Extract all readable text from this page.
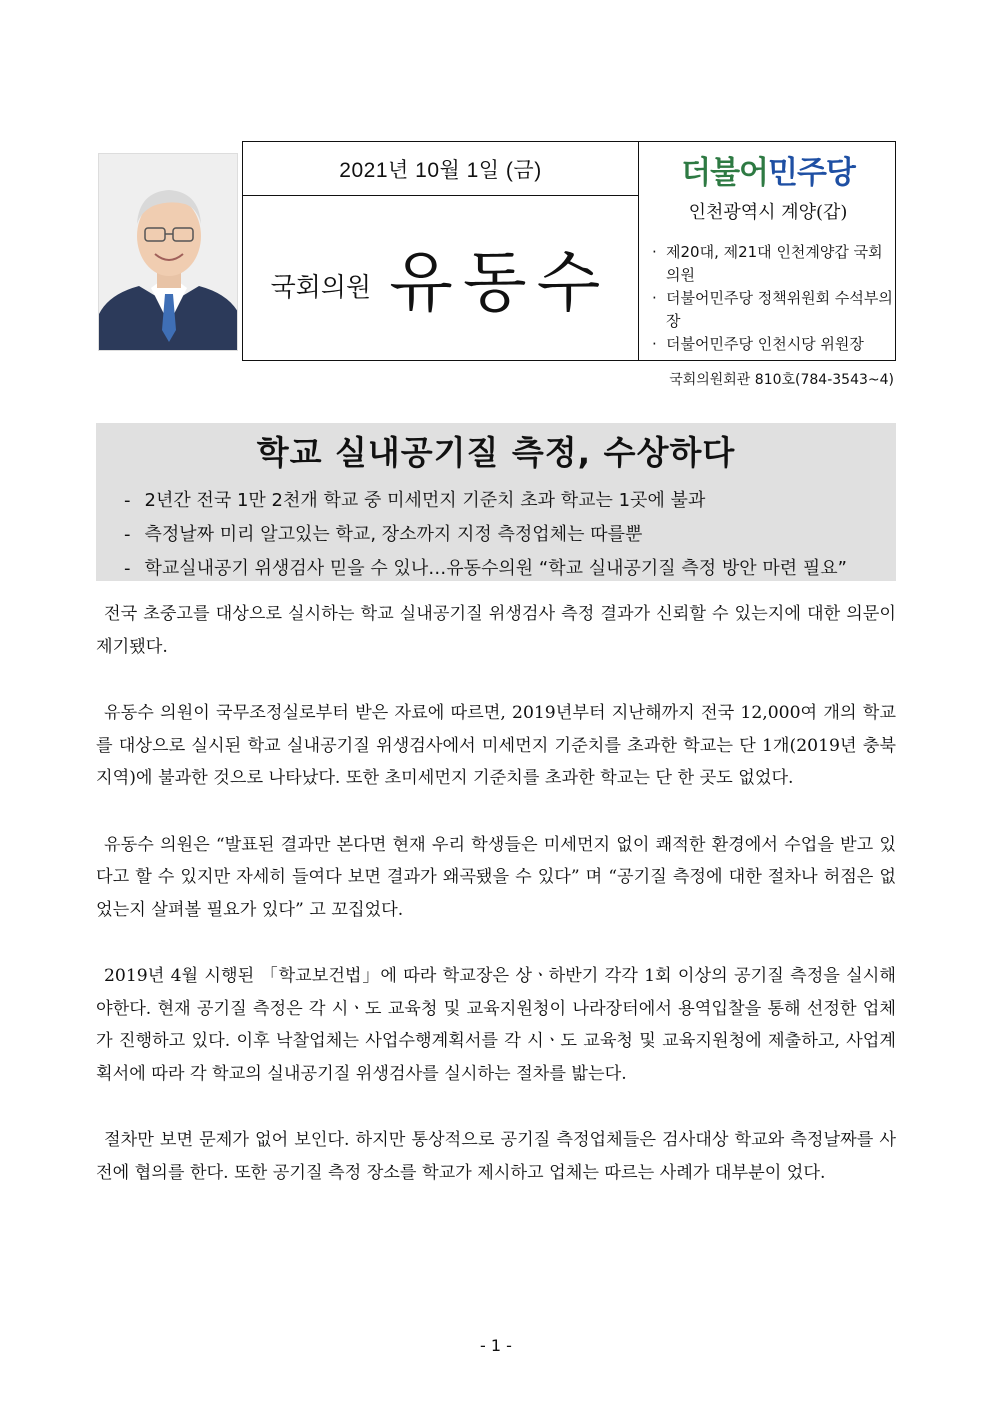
2021년 10월 1일 (금)
국회의원 유동수
더불어민주당
인천광역시 계양(갑)
· 제20대, 제21대 인천계양갑 국회의원
· 더불어민주당 정책위원회 수석부의장
· 더불어민주당 인천시당 위원장
국회의원회관 810호(784-3543~4)
학교 실내공기질 측정, 수상하다
- 2년간 전국 1만 2천개 학교 중 미세먼지 기준치 초과 학교는 1곳에 불과
- 측정날짜 미리 알고있는 학교, 장소까지 지정 측정업체는 따를뿐
- 학교실내공기 위생검사 믿을 수 있나…유동수의원 “학교 실내공기질 측정 방안 마련 필요”

전국 초중고를 대상으로 실시하는 학교 실내공기질 위생검사 측정 결과가 신뢰할 수 있는지에 대한 의문이 제기됐다.

유동수 의원이 국무조정실로부터 받은 자료에 따르면, 2019년부터 지난해까지 전국 12,000여 개의 학교를 대상으로 실시된 학교 실내공기질 위생검사에서 미세먼지 기준치를 초과한 학교는 단 1개(2019년 충북지역)에 불과한 것으로 나타났다. 또한 초미세먼지 기준치를 초과한 학교는 단 한 곳도 없었다.

유동수 의원은 “발표된 결과만 본다면 현재 우리 학생들은 미세먼지 없이 쾌적한 환경에서 수업을 받고 있다고 할 수 있지만 자세히 들여다 보면 결과가 왜곡됐을 수 있다” 며 “공기질 측정에 대한 절차나 허점은 없었는지 살펴볼 필요가 있다” 고 꼬집었다.

2019년 4월 시행된 「학교보건법」에 따라 학교장은 상ㆍ하반기 각각 1회 이상의 공기질 측정을 실시해야한다. 현재 공기질 측정은 각 시ㆍ도 교육청 및 교육지원청이 나라장터에서 용역입찰을 통해 선정한 업체가 진행하고 있다. 이후 낙찰업체는 사업수행계획서를 각 시ㆍ도 교육청 및 교육지원청에 제출하고, 사업계획서에 따라 각 학교의 실내공기질 위생검사를 실시하는 절차를 밟는다.

절차만 보면 문제가 없어 보인다. 하지만 통상적으로 공기질 측정업체들은 검사대상 학교와 측정날짜를 사전에 협의를 한다. 또한 공기질 측정 장소를 학교가 제시하고 업체는 따르는 사례가 대부분이 었다.

- 1 -
